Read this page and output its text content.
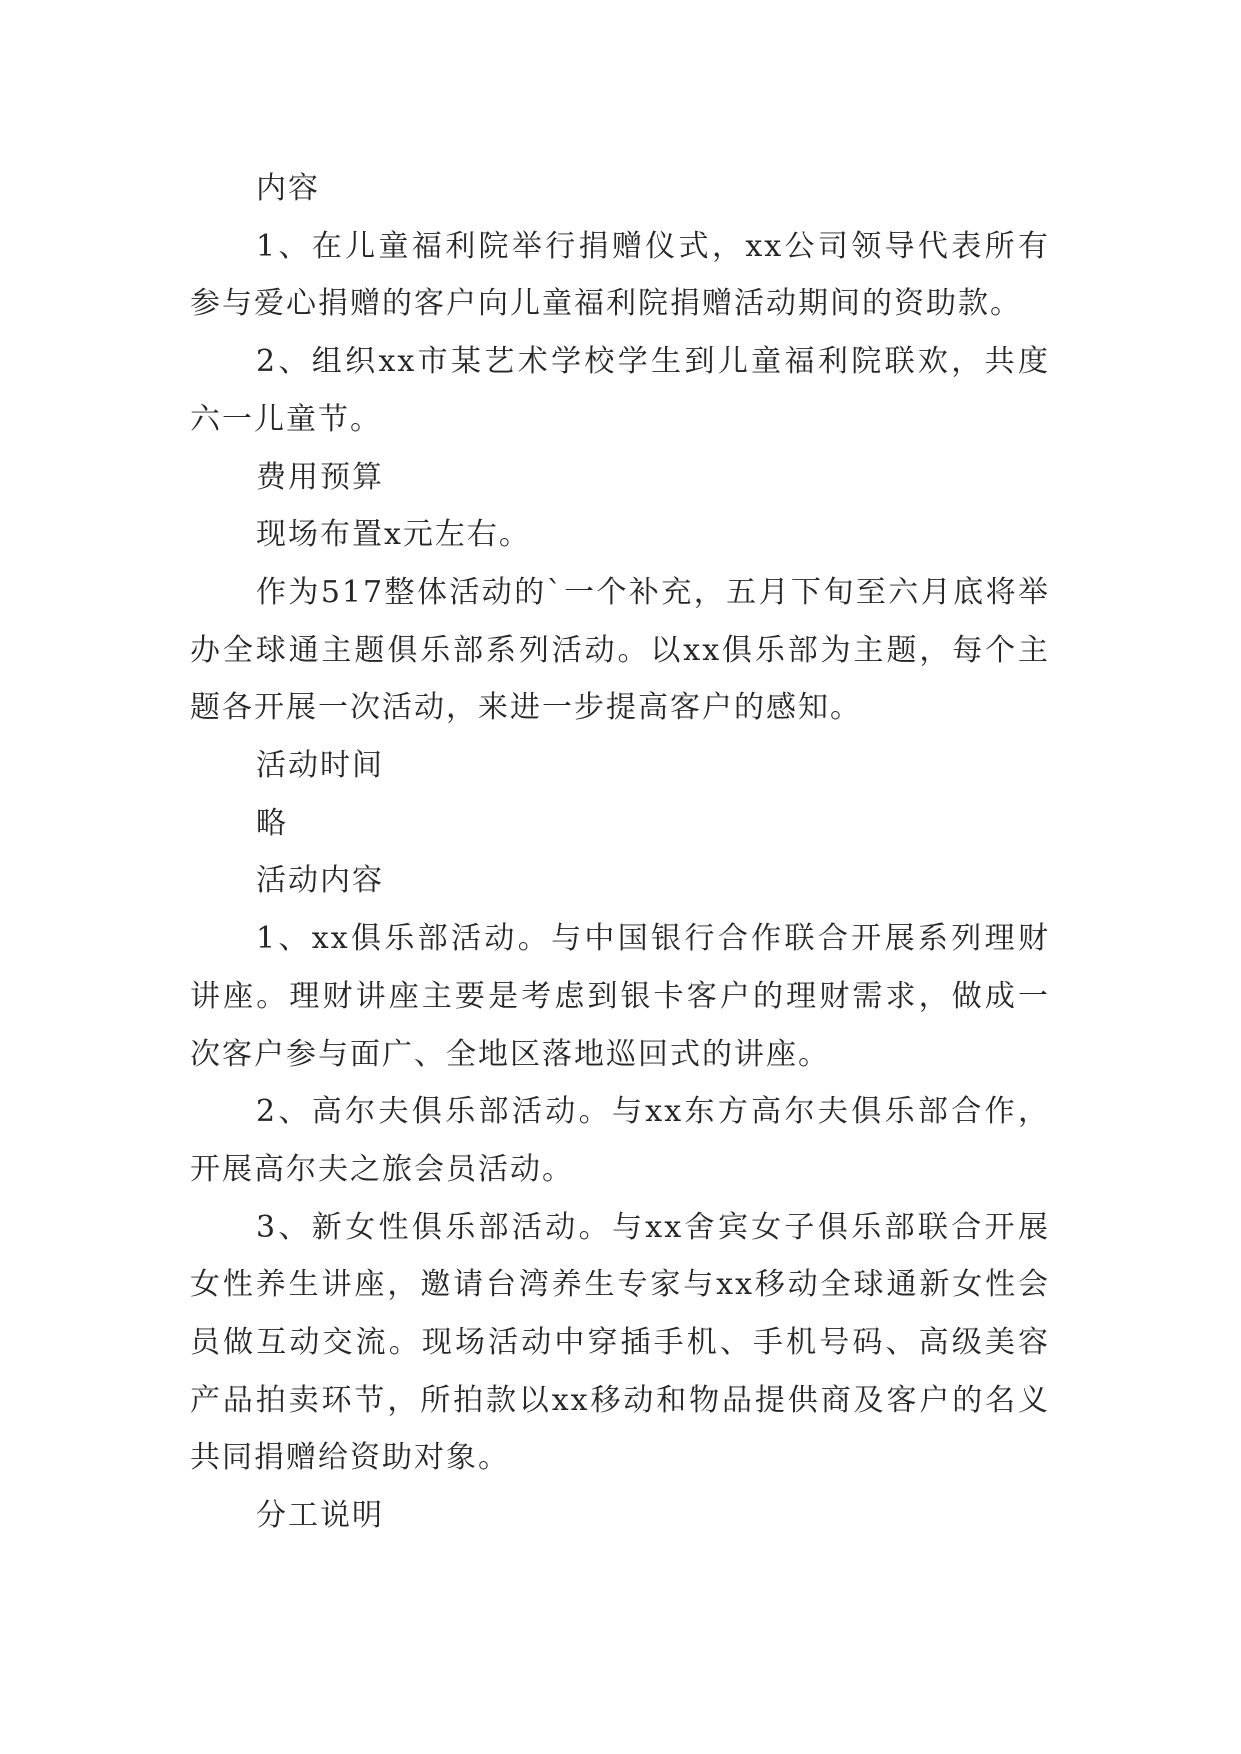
内容

1、在儿童福利院举行捐赠仪式，xx公司领导代表所有参与爱心捐赠的客户向儿童福利院捐赠活动期间的资助款。

2、组织xx市某艺术学校学生到儿童福利院联欢，共度六一儿童节。

费用预算

现场布置x元左右。

作为517整体活动的`一个补充，五月下旬至六月底将举办全球通主题俱乐部系列活动。以xx俱乐部为主题，每个主题各开展一次活动，来进一步提高客户的感知。

活动时间

略

活动内容

1、xx俱乐部活动。与中国银行合作联合开展系列理财讲座。理财讲座主要是考虑到银卡客户的理财需求，做成一次客户参与面广、全地区落地巡回式的讲座。

2、高尔夫俱乐部活动。与xx东方高尔夫俱乐部合作，开展高尔夫之旅会员活动。

3、新女性俱乐部活动。与xx舍宾女子俱乐部联合开展女性养生讲座，邀请台湾养生专家与xx移动全球通新女性会员做互动交流。现场活动中穿插手机、手机号码、高级美容产品拍卖环节，所拍款以xx移动和物品提供商及客户的名义共同捐赠给资助对象。

分工说明
